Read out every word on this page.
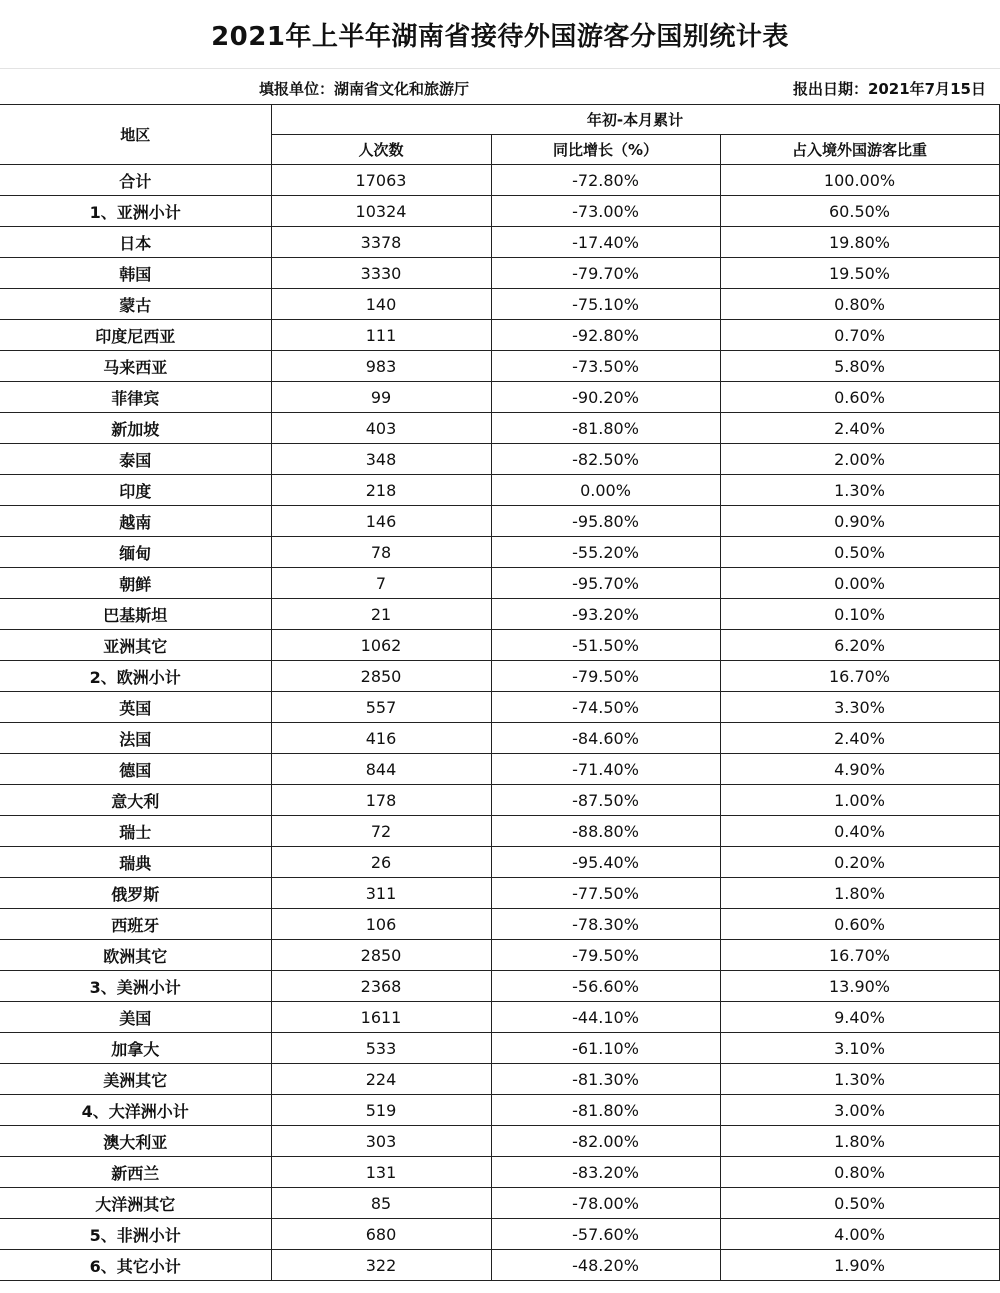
2021年上半年湖南省接待外国游客分国别统计表
填报单位：湖南省文化和旅游厅	报出日期：2021年7月15日
地区	年初-本月累计		
	人次数	同比增长（%）	占入境外国游客比重
合计	17063	-72.80%	100.00%
1、亚洲小计	10324	-73.00%	60.50%
日本	3378	-17.40%	19.80%
韩国	3330	-79.70%	19.50%
蒙古	140	-75.10%	0.80%
印度尼西亚	111	-92.80%	0.70%
马来西亚	983	-73.50%	5.80%
菲律宾	99	-90.20%	0.60%
新加坡	403	-81.80%	2.40%
泰国	348	-82.50%	2.00%
印度	218	0.00%	1.30%
越南	146	-95.80%	0.90%
缅甸	78	-55.20%	0.50%
朝鲜	7	-95.70%	0.00%
巴基斯坦	21	-93.20%	0.10%
亚洲其它	1062	-51.50%	6.20%
2、欧洲小计	2850	-79.50%	16.70%
英国	557	-74.50%	3.30%
法国	416	-84.60%	2.40%
德国	844	-71.40%	4.90%
意大利	178	-87.50%	1.00%
瑞士	72	-88.80%	0.40%
瑞典	26	-95.40%	0.20%
俄罗斯	311	-77.50%	1.80%
西班牙	106	-78.30%	0.60%
欧洲其它	2850	-79.50%	16.70%
3、美洲小计	2368	-56.60%	13.90%
美国	1611	-44.10%	9.40%
加拿大	533	-61.10%	3.10%
美洲其它	224	-81.30%	1.30%
4、大洋洲小计	519	-81.80%	3.00%
澳大利亚	303	-82.00%	1.80%
新西兰	131	-83.20%	0.80%
大洋洲其它	85	-78.00%	0.50%
5、非洲小计	680	-57.60%	4.00%
6、其它小计	322	-48.20%	1.90%
